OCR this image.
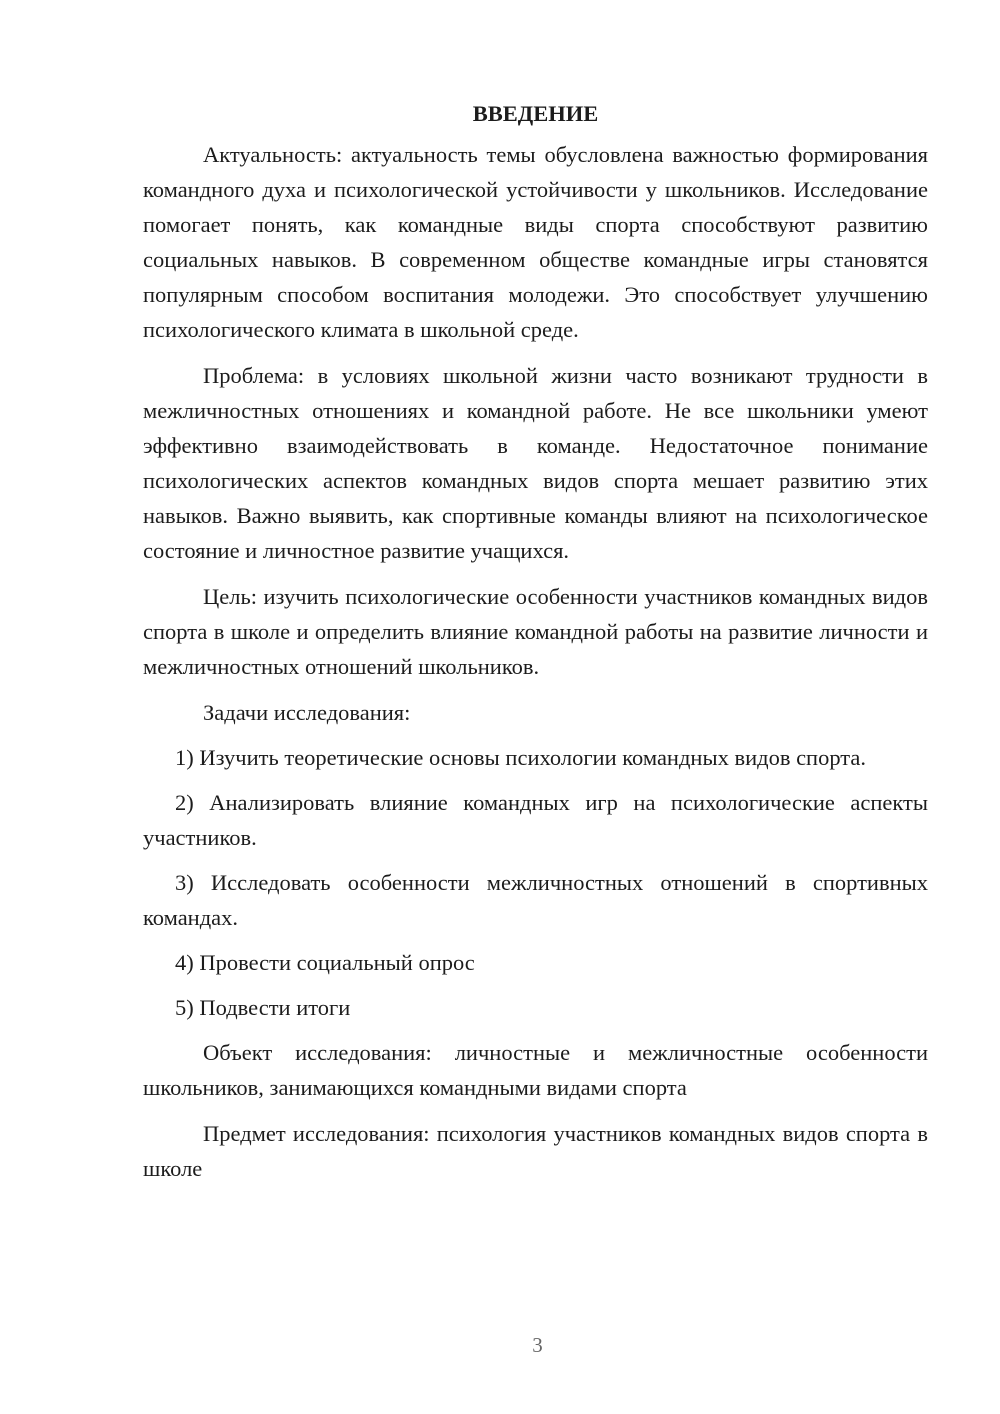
ВВЕДЕНИЕ

Актуальность: актуальность темы обусловлена важностью формирования командного духа и психологической устойчивости у школьников. Исследование помогает понять, как командные виды спорта способствуют развитию социальных навыков. В современном обществе командные игры становятся популярным способом воспитания молодежи. Это способствует улучшению психологического климата в школьной среде.

Проблема: в условиях школьной жизни часто возникают трудности в межличностных отношениях и командной работе. Не все школьники умеют эффективно взаимодействовать в команде. Недостаточное понимание психологических аспектов командных видов спорта мешает развитию этих навыков. Важно выявить, как спортивные команды влияют на психологическое состояние и личностное развитие учащихся.

Цель: изучить психологические особенности участников командных видов спорта в школе и определить влияние командной работы на развитие личности и межличностных отношений школьников.

Задачи исследования:

1) Изучить теоретические основы психологии командных видов спорта.

2) Анализировать влияние командных игр на психологические аспекты участников.

3) Исследовать особенности межличностных отношений в спортивных командах.

4) Провести социальный опрос

5) Подвести итоги

Объект исследования: личностные и межличностные особенности школьников, занимающихся командными видами спорта

Предмет исследования: психология участников командных видов спорта в школе

3
